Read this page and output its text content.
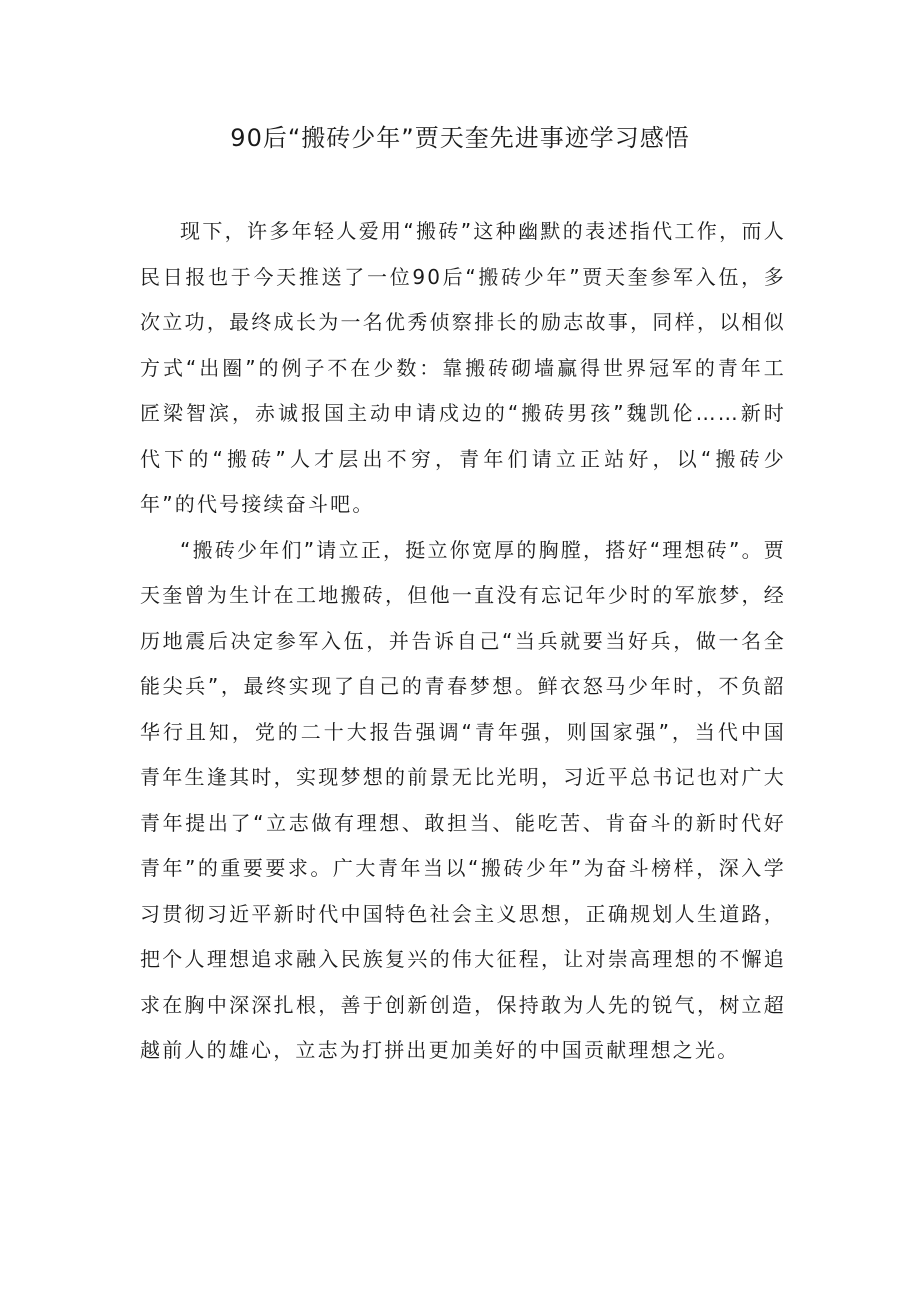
90后“搬砖少年”贾天奎先进事迹学习感悟

现下，许多年轻人爱用“搬砖”这种幽默的表述指代工作，而人民日报也于今天推送了一位90后“搬砖少年”贾天奎参军入伍，多次立功，最终成长为一名优秀侦察排长的励志故事，同样，以相似方式“出圈”的例子不在少数：靠搬砖砌墙赢得世界冠军的青年工匠梁智滨，赤诚报国主动申请戍边的“搬砖男孩”魏凯伦……新时代下的“搬砖”人才层出不穷，青年们请立正站好，以“搬砖少年”的代号接续奋斗吧。

“搬砖少年们”请立正，挺立你宽厚的胸膛，搭好“理想砖”。贾天奎曾为生计在工地搬砖，但他一直没有忘记年少时的军旅梦，经历地震后决定参军入伍，并告诉自己“当兵就要当好兵，做一名全能尖兵”，最终实现了自己的青春梦想。鲜衣怒马少年时，不负韶华行且知，党的二十大报告强调“青年强，则国家强”，当代中国青年生逢其时，实现梦想的前景无比光明，习近平总书记也对广大青年提出了“立志做有理想、敢担当、能吃苦、肯奋斗的新时代好青年”的重要要求。广大青年当以“搬砖少年”为奋斗榜样，深入学习贯彻习近平新时代中国特色社会主义思想，正确规划人生道路，把个人理想追求融入民族复兴的伟大征程，让对崇高理想的不懈追求在胸中深深扎根，善于创新创造，保持敢为人先的锐气，树立超越前人的雄心，立志为打拼出更加美好的中国贡献理想之光。
